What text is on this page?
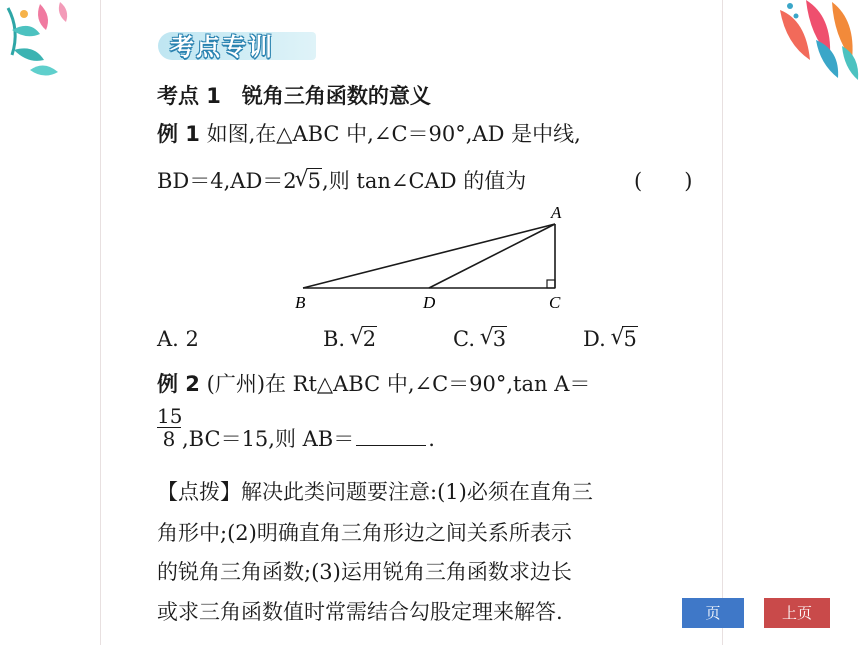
考点专训
考点 1　锐角三角函数的意义
例 1 如图,在△ABC 中,∠C＝90°,AD 是中线,
BD＝4,AD＝2 √ 5,则 tan∠CAD 的值为	(　　)
A
B	D	C
A. 2	B. √ 2	C. √ 3	D. √ 5
例 2 (广州)在 Rt△ABC 中,∠C＝90°,tan A＝
$\frac{15}{8} ,BC=15$,则 AB＝	.
【点拨】解决此类问题要注意:(1)必须在直角三
角形中;(2)明确直角三角形边之间关系所表示
的锐角三角函数;(3)运用锐角三角函数求边长
或求三角函数值时常需结合勾股定理来解答.	页	上页
